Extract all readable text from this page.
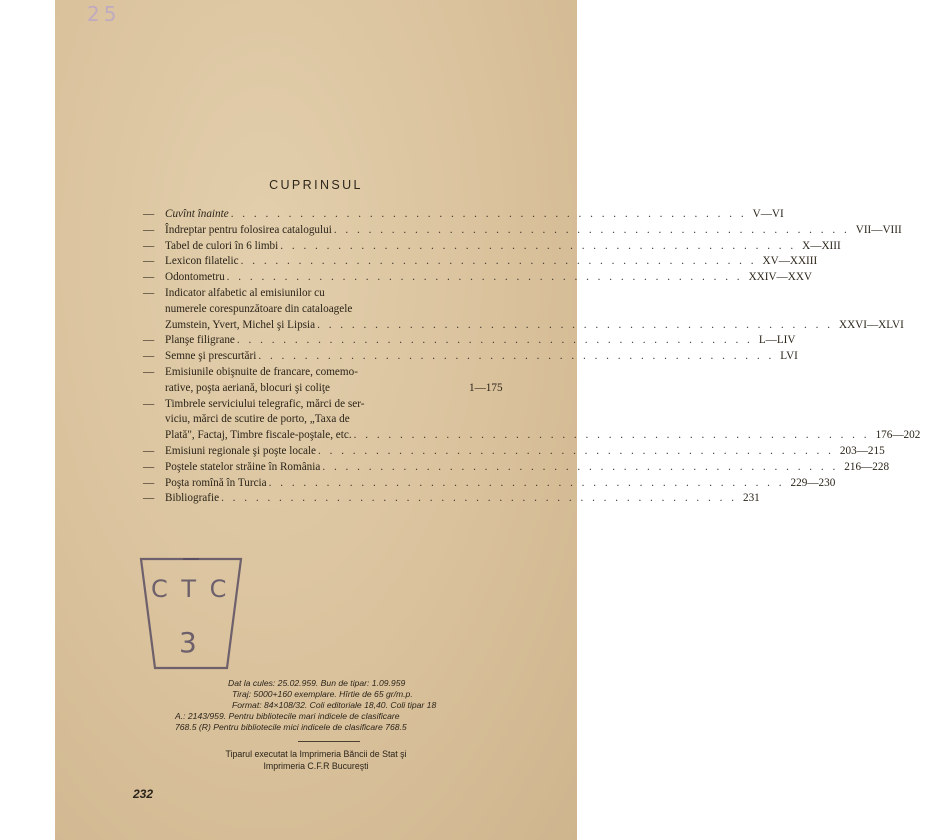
25
CUPRINSUL
— Cuvînt înainte . . .	V—VI
— Îndreptar pentru folosirea catalogului . . .	VII—VIII
— Tabel de culori în 6 limbi . . .	X—XIII
— Lexicon filatelic . . .	XV—XXIII
— Odontometru . . .	XXIV—XXV
— Indicator alfabetic al emisiunilor cu
numerele corespunzătoare din cataloagele
Zumstein, Yvert, Michel şi Lipsia . . .	XXVI—XLVI
— Planşe filigrane . . .	L—LIV
— Semne şi prescurtări . . .	LVI
— Emisiunile obişnuite de francare, comemo-
rative, poşta aeriană, blocuri şi coliţe	1—175
— Timbrele serviciului telegrafic, mărci de ser-
viciu, mărci de scutire de porto, „Taxa de
Plată", Factaj, Timbre fiscale-poştale, etc. . . .	176—202
— Emisiuni regionale şi poşte locale . . .	203—215
— Poştele statelor străine în România . . .	216—228
— Poşta romînă în Turcia . . .	229—230
— Bibliografie . . .	231
C T C
3
Dat la cules: 25.02.959. Bun de tipar: 1.09.959
Tiraj: 5000+160 exemplare. Hîrtie de 65 gr/m.p.
Format: 84×108/32. Coli editoriale 18,40. Coli tipar 18
A.: 2143/959. Pentru bibliotecile mari indicele de clasificare
768.5 (R) Pentru bibliotecile mici indicele de clasificare 768.5
Tiparul executat la Imprimeria Băncii de Stat şi
Imprimeria C.F.R Bucureşti
232
